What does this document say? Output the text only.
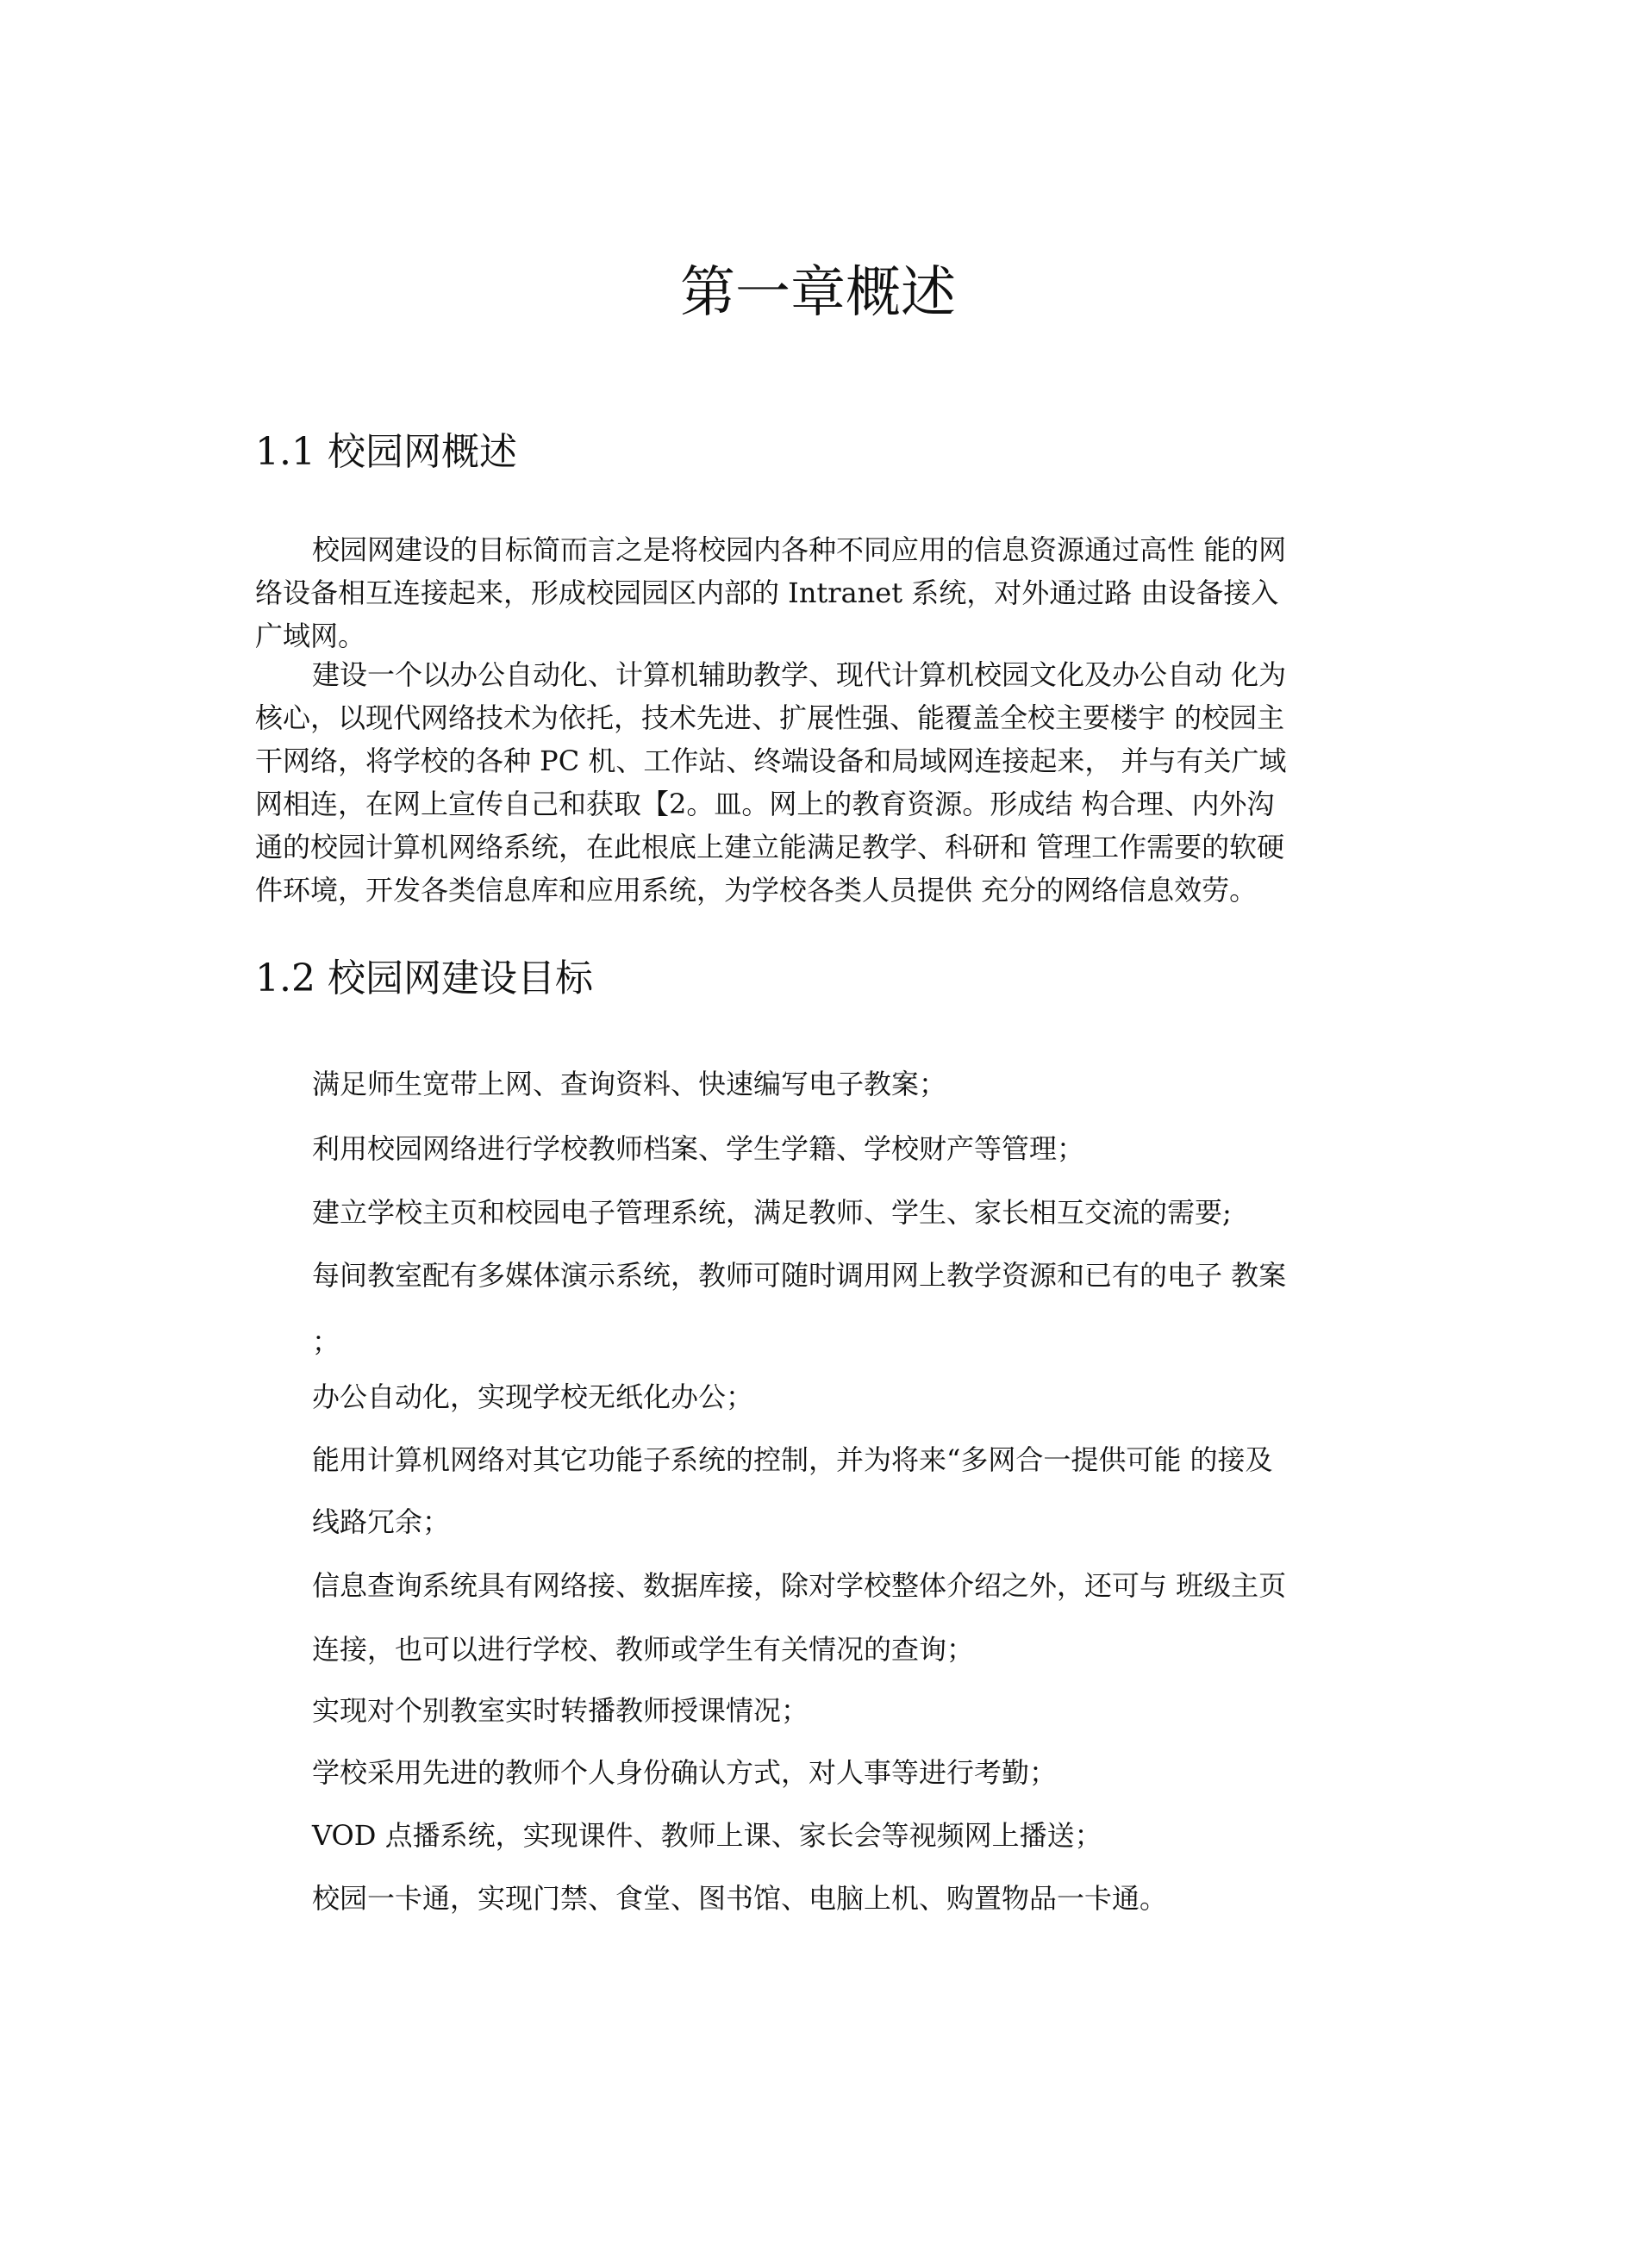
第一章概述
1.1 校园网概述
校园网建设的目标简而言之是将校园内各种不同应用的信息资源通过高性 能的网
络设备相互连接起来，形成校园园区内部的 Intranet 系统，对外通过路 由设备接入
广域网。
建设一个以办公自动化、计算机辅助教学、现代计算机校园文化及办公自动 化为
核心，以现代网络技术为依托，技术先进、扩展性强、能覆盖全校主要楼宇 的校园主
干网络，将学校的各种 PC 机、工作站、终端设备和局域网连接起来， 并与有关广域
网相连，在网上宣传自己和获取【2。皿。网上的教育资源。形成结 构合理、内外沟
通的校园计算机网络系统，在此根底上建立能满足教学、科研和 管理工作需要的软硬
件环境，开发各类信息库和应用系统，为学校各类人员提供 充分的网络信息效劳。
1.2 校园网建设目标

满足师生宽带上网、查询资料、快速编写电子教案；

利用校园网络进行学校教师档案、学生学籍、学校财产等管理；

建立学校主页和校园电子管理系统，满足教师、学生、家长相互交流的需要;

每间教室配有多媒体演示系统，教师可随时调用网上教学资源和已有的电子 教案

；

办公自动化，实现学校无纸化办公；

能用计算机网络对其它功能子系统的控制，并为将来“多网合一提供可能 的接及

线路冗余；

信息查询系统具有网络接、数据库接，除对学校整体介绍之外，还可与 班级主页

连接，也可以进行学校、教师或学生有关情况的查询；

实现对个别教室实时转播教师授课情况；

学校采用先进的教师个人身份确认方式，对人事等进行考勤；

VOD 点播系统，实现课件、教师上课、家长会等视频网上播送；

校园一卡通，实现门禁、食堂、图书馆、电脑上机、购置物品一卡通。
